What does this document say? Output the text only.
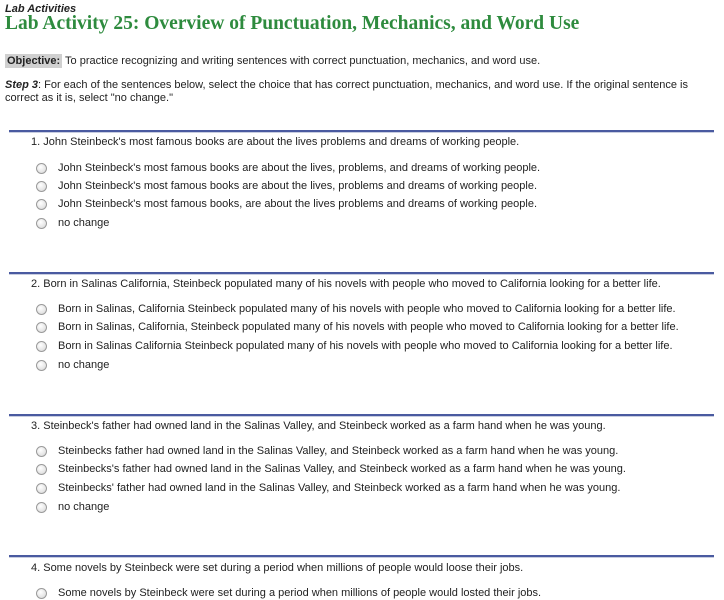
Lab Activities
Lab Activity 25: Overview of Punctuation, Mechanics, and Word Use
Objective: To practice recognizing and writing sentences with correct punctuation, mechanics, and word use.
Step 3: For each of the sentences below, select the choice that has correct punctuation, mechanics, and word use. If the original sentence is correct as it is, select "no change."
1. John Steinbeck's most famous books are about the lives problems and dreams of working people.
John Steinbeck's most famous books are about the lives, problems, and dreams of working people.
John Steinbeck's most famous books are about the lives, problems and dreams of working people.
John Steinbeck's most famous books, are about the lives problems and dreams of working people.
no change
2. Born in Salinas California, Steinbeck populated many of his novels with people who moved to California looking for a better life.
Born in Salinas, California Steinbeck populated many of his novels with people who moved to California looking for a better life.
Born in Salinas, California, Steinbeck populated many of his novels with people who moved to California looking for a better life.
Born in Salinas California Steinbeck populated many of his novels with people who moved to California looking for a better life.
no change
3. Steinbeck's father had owned land in the Salinas Valley, and Steinbeck worked as a farm hand when he was young.
Steinbecks father had owned land in the Salinas Valley, and Steinbeck worked as a farm hand when he was young.
Steinbecks's father had owned land in the Salinas Valley, and Steinbeck worked as a farm hand when he was young.
Steinbecks' father had owned land in the Salinas Valley, and Steinbeck worked as a farm hand when he was young.
no change
4. Some novels by Steinbeck were set during a period when millions of people would loose their jobs.
Some novels by Steinbeck were set during a period when millions of people would losted their jobs.
